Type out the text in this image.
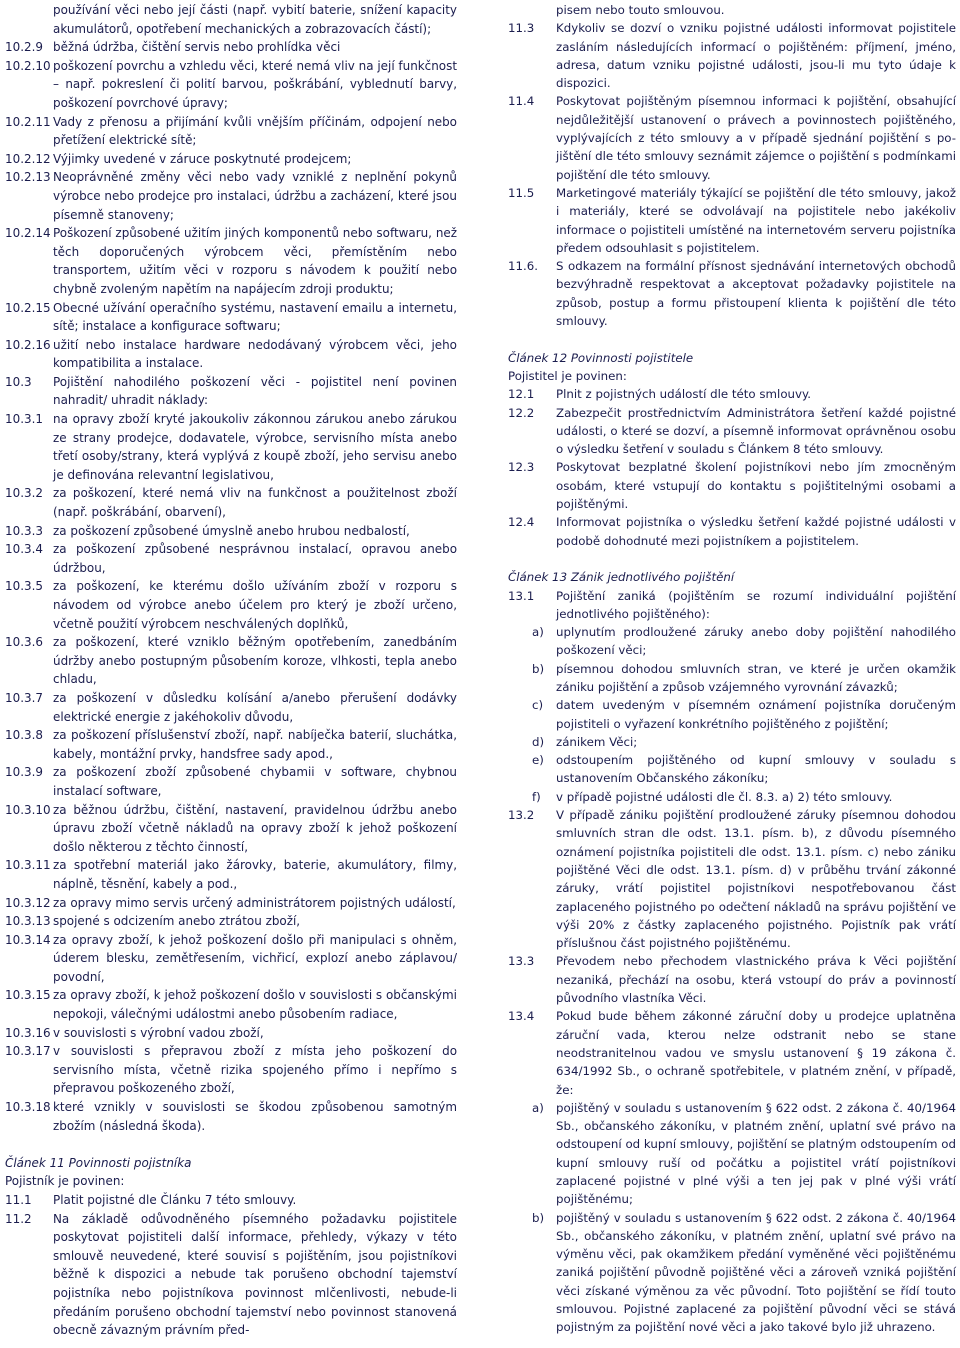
používání věci nebo její části (např. vybití baterie, snížení kapacity akumulátorů, opotřebení mechanických a zobrazovacích částí);
10.2.9 běžná údržba, čištění servis nebo prohlídka věci
10.2.10 poškození povrchu a vzhledu věci, které nemá vliv na její funkčnost – např. pokreslení či polití barvou, poškrábání, vyblednutí barvy, poškození povrchové úpravy;
10.2.11 Vady z přenosu a přijímání kvůli vnějším příčinám, odpojení nebo přetížení elektrické sítě;
10.2.12 Výjimky uvedené v záruce poskytnuté prodejcem;
10.2.13 Neoprávněné změny věci nebo vady vzniklé z neplnění pokynů výrobce nebo prodejce pro instalaci, údržbu a zacházení, které jsou písemně stanoveny;
10.2.14 Poškození způsobené užitím jiných komponentů nebo softwaru, než těch doporučených výrobcem věci, přemístěním nebo transportem, užitím věci v rozporu s návodem k použití nebo chybně zvoleným napětím na napájecím zdroji produktu;
10.2.15 Obecné užívání operačního systému, nastavení emailu a internetu, sítě; instalace a konfigurace softwaru;
10.2.16 užití nebo instalace hardware nedodávaný výrobcem věci, jeho kompatibilita a instalace.
10.3	Pojištění nahodilého poškození věci - pojistitel není povinen nahradit/ uhradit náklady:
10.3.1 na opravy zboží kryté jakoukoliv zákonnou zárukou anebo zárukou ze strany prodejce, dodavatele, výrobce, servisního místa anebo třetí osoby/strany, která vyplývá z koupě zboží, jeho servisu anebo je definována relevantní legislativou,
10.3.2 za poškození, které nemá vliv na funkčnost a použitelnost zboží (např. poškrábání, obarvení),
10.3.3 za poškození způsobené úmyslně anebo hrubou nedbalostí,
10.3.4 za poškození způsobené nesprávnou instalací, opravou anebo údržbou,
10.3.5 za poškození, ke kterému došlo užíváním zboží v rozporu s návodem od výrobce anebo účelem pro který je zboží určeno, včetně použití výrobcem neschválených doplňků,
10.3.6 za poškození, které vzniklo běžným opotřebením, zanedbáním údržby anebo postupným působením koroze, vlhkosti, tepla anebo chladu,
10.3.7 za poškození v důsledku kolísání a/anebo přerušení dodávky elektrické energie z jakéhokoliv důvodu,
10.3.8 za poškození příslušenství zboží, např. nabíječka baterií, sluchátka, kabely, montážní prvky, handsfree sady apod.,
10.3.9 za poškození zboží způsobené chybamii v software, chybnou instalací software,
10.3.10 za běžnou údržbu, čištění, nastavení, pravidelnou údržbu anebo úpravu zboží včetně nákladů na opravy zboží k jehož poškození došlo některou z těchto činností,
10.3.11 za spotřební materiál jako žárovky, baterie, akumulátory, filmy, náplně, těsnění, kabely a pod.,
10.3.12 za opravy mimo servis určený administrátorem pojistných událostí,
10.3.13 spojené s odcizením anebo ztrátou zboží,
10.3.14 za opravy zboží, k jehož poškození došlo při manipulaci s ohněm, úderem blesku, zemětřesením, vichřicí, explozí anebo záplavou/ povodní,
10.3.15 za opravy zboží, k jehož poškození došlo v souvislosti s občanskými nepokoji, válečnými událostmi anebo působením radiace,
10.3.16 v souvislosti s výrobní vadou zboží,
10.3.17 v souvislosti s přepravou zboží z místa jeho poškození do servisního místa, včetně rizika spojeného přímo i nepřímo s přepravou poškozeného zboží,
10.3.18 které vznikly v souvislosti se škodou způsobenou samotným zbožím (následná škoda).
Článek 11 Povinnosti pojistníka
Pojistník je povinen:
11.1	Platit pojistné dle Článku 7 této smlouvy.
11.2	Na základě odůvodněného písemného požadavku pojistitele poskytovat pojistiteli další informace, přehledy, výkazy v této smlouvě neuvedené, které souvisí s pojištěním, jsou pojistníkovi běžně k dispozici a nebude tak porušeno obchodní tajemství pojistníka nebo pojistníkova povinnost mlčenlivosti, nebude-li předáním porušeno obchodní tajemství nebo povinnost stanovená obecně závazným právním před-
pisem nebo touto smlouvou.
11.3	Kdykoliv se dozví o vzniku pojistné události informovat pojistitele zasláním následujících informací o pojištěném: příjmení, jméno, adresa, datum vzniku pojistné události, jsou-li mu tyto údaje k dispozici.
11.4	Poskytovat pojištěným písemnou informaci k pojištění, obsahující nejdůležitější ustanovení o právech a povinnostech pojištěného, vyplývajících z této smlouvy a v případě sjednání pojištění s po-jištění dle této smlouvy seznámit zájemce o pojištění s podmínkami pojištění dle této smlouvy.
11.5	Marketingové materiály týkající se pojištění dle této smlouvy, jakož i materiály, které se odvolávají na pojistitele nebo jakékoliv informace o pojistiteli umístěné na internetovém serveru pojistníka předem odsouhlasit s pojistitelem.
11.6.	S odkazem na formální přísnost sjednávání internetových obchodů bezvýhradně respektovat a akceptovat požadavky pojistitele na způsob, postup a formu přistoupení klienta k pojištění dle této smlouvy.
Článek 12 Povinnosti pojistitele
Pojistitel je povinen:
12.1	Plnit z pojistných událostí dle této smlouvy.
12.2	Zabezpečit prostřednictvím Administrátora šetření každé pojistné události, o které se dozví, a písemně informovat oprávněnou osobu o výsledku šetření v souladu s Článkem 8 této smlouvy.
12.3	Poskytovat bezplatné školení pojistníkovi nebo jím zmocněným osobám, které vstupují do kontaktu s pojištitelnými osobami a pojištěnými.
12.4	Informovat pojistníka o výsledku šetření každé pojistné události v podobě dohodnuté mezi pojistníkem a pojistitelem.
Článek 13 Zánik jednotlivého pojištění
13.1	Pojištění zaniká (pojištěním se rozumí individuální pojištění jednotlivého pojištěného):
a)	uplynutím prodloužené záruky anebo doby pojištění nahodilého poškození věci;
b)	písemnou dohodou smluvních stran, ve které je určen okamžik zániku pojištění a způsob vzájemného vyrovnání závazků;
c)	datem uvedeným v písemném oznámení pojistníka doručeným pojistiteli o vyřazení konkrétního pojištěného z pojištění;
d)	zánikem Věci;
e)	odstoupením pojištěného od kupní smlouvy v souladu s ustanovením Občanského zákoníku;
f)	v případě pojistné události dle čl. 8.3. a) 2) této smlouvy.
13.2	V případě zániku pojištění prodloužené záruky písemnou dohodou smluvních stran dle odst. 13.1. písm. b), z důvodu písemného oznámení pojistníka pojistiteli dle odst. 13.1. písm. c) nebo zániku pojištěné Věci dle odst. 13.1. písm. d) v průběhu trvání zákonné záruky, vrátí pojistitel pojistníkovi nespotřebovanou část zaplaceného pojistného po odečtení nákladů na správu pojištění ve výši 20% z částky zaplaceného pojistného. Pojistník pak vrátí příslušnou část pojistného pojištěnému.
13.3	Převodem nebo přechodem vlastnického práva k Věci pojištění nezaniká, přechází na osobu, která vstoupí do práv a povinností původního vlastníka Věci.
13.4	Pokud bude během zákonné záruční doby u prodejce uplatněna záruční vada, kterou nelze odstranit nebo se stane neodstranitelnou vadou ve smyslu ustanovení § 19 zákona č. 634/1992 Sb., o ochraně spotřebitele, v platném znění, v případě, že:
a)	pojištěný v souladu s ustanovením § 622 odst. 2 zákona č. 40/1964 Sb., občanského zákoníku, v platném znění, uplatní své právo na odstoupení od kupní smlouvy, pojištění se platným odstoupením od kupní smlouvy ruší od počátku a pojistitel vrátí pojistníkovi zaplacené pojistné v plné výši a ten jej pak v plné výši vrátí pojištěnému;
b)	pojištěný v souladu s ustanovením § 622 odst. 2 zákona č. 40/1964 Sb., občanského zákoníku, v platném znění, uplatní své právo na výměnu věci, pak okamžikem předání vyměněné věci pojištěnému zaniká pojištění původně pojištěné věci a zároveň vzniká pojištění věci získané výměnou za věc původní. Toto pojištění se řídí touto smlouvou. Pojistné zaplacené za pojištění původní věci se stává pojistným za pojištění nové věci a jako takové bylo již uhrazeno.
